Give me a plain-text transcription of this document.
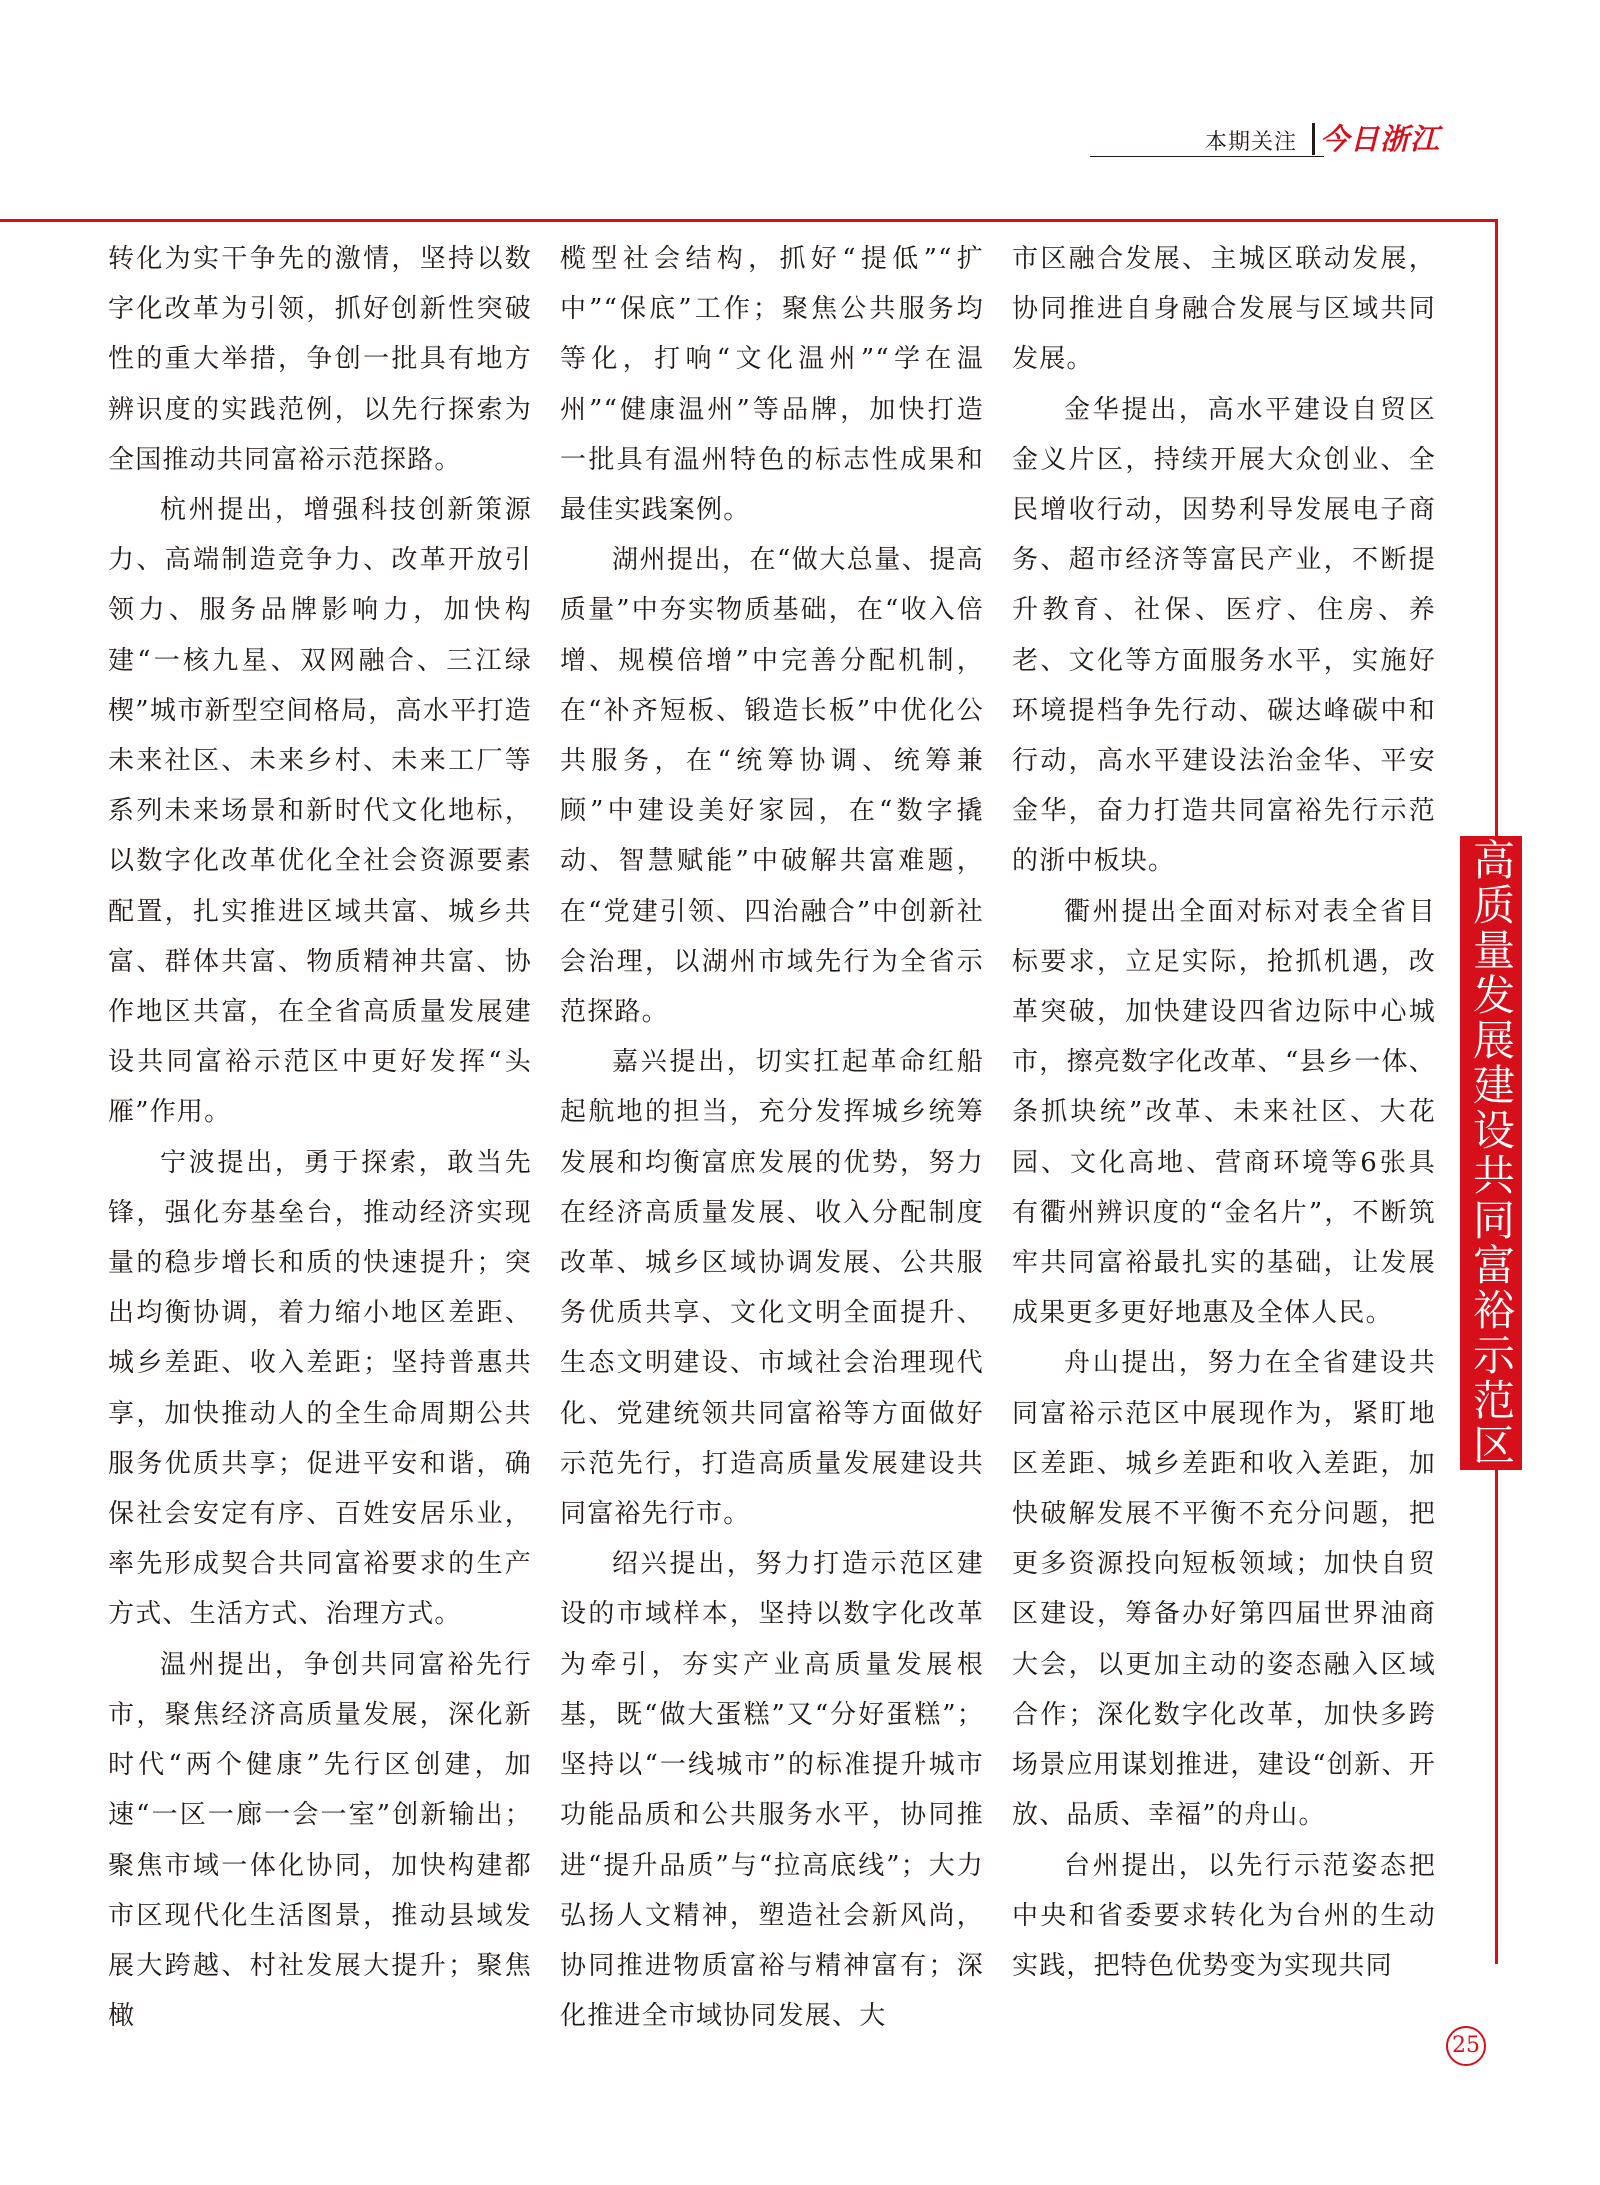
本期关注 今日浙江

转化为实干争先的激情，坚持以数字化改革为引领，抓好创新性突破性的重大举措，争创一批具有地方辨识度的实践范例，以先行探索为全国推动共同富裕示范探路。

杭州提出，增强科技创新策源力、高端制造竞争力、改革开放引领力、服务品牌影响力，加快构建“一核九星、双网融合、三江绿楔”城市新型空间格局，高水平打造未来社区、未来乡村、未来工厂等系列未来场景和新时代文化地标，以数字化改革优化全社会资源要素配置，扎实推进区域共富、城乡共富、群体共富、物质精神共富、协作地区共富，在全省高质量发展建设共同富裕示范区中更好发挥“头雁”作用。

宁波提出，勇于探索，敢当先锋，强化夯基垒台，推动经济实现量的稳步增长和质的快速提升；突出均衡协调，着力缩小地区差距、城乡差距、收入差距；坚持普惠共享，加快推动人的全生命周期公共服务优质共享；促进平安和谐，确保社会安定有序、百姓安居乐业，率先形成契合共同富裕要求的生产方式、生活方式、治理方式。

温州提出，争创共同富裕先行市，聚焦经济高质量发展，深化新时代“两个健康”先行区创建，加速“一区一廊一会一室”创新输出；聚焦市域一体化协同，加快构建都市区现代化生活图景，推动县域发展大跨越、村社发展大提升；聚焦橄

榄型社会结构，抓好“提低”“扩中”“保底”工作；聚焦公共服务均等化，打响“文化温州”“学在温州”“健康温州”等品牌，加快打造一批具有温州特色的标志性成果和最佳实践案例。

湖州提出，在“做大总量、提高质量”中夯实物质基础，在“收入倍增、规模倍增”中完善分配机制，在“补齐短板、锻造长板”中优化公共服务，在“统筹协调、统筹兼顾”中建设美好家园，在“数字撬动、智慧赋能”中破解共富难题，在“党建引领、四治融合”中创新社会治理，以湖州市域先行为全省示范探路。

嘉兴提出，切实扛起革命红船起航地的担当，充分发挥城乡统筹发展和均衡富庶发展的优势，努力在经济高质量发展、收入分配制度改革、城乡区域协调发展、公共服务优质共享、文化文明全面提升、生态文明建设、市域社会治理现代化、党建统领共同富裕等方面做好示范先行，打造高质量发展建设共同富裕先行市。

绍兴提出，努力打造示范区建设的市域样本，坚持以数字化改革为牵引，夯实产业高质量发展根基，既“做大蛋糕”又“分好蛋糕”；坚持以“一线城市”的标准提升城市功能品质和公共服务水平，协同推进“提升品质”与“拉高底线”；大力弘扬人文精神，塑造社会新风尚，协同推进物质富裕与精神富有；深化推进全市域协同发展、大

市区融合发展、主城区联动发展，协同推进自身融合发展与区域共同发展。

金华提出，高水平建设自贸区金义片区，持续开展大众创业、全民增收行动，因势利导发展电子商务、超市经济等富民产业，不断提升教育、社保、医疗、住房、养老、文化等方面服务水平，实施好环境提档争先行动、碳达峰碳中和行动，高水平建设法治金华、平安金华，奋力打造共同富裕先行示范的浙中板块。

衢州提出全面对标对表全省目标要求，立足实际，抢抓机遇，改革突破，加快建设四省边际中心城市，擦亮数字化改革、“县乡一体、条抓块统”改革、未来社区、大花园、文化高地、营商环境等6张具有衢州辨识度的“金名片”，不断筑牢共同富裕最扎实的基础，让发展成果更多更好地惠及全体人民。

舟山提出，努力在全省建设共同富裕示范区中展现作为，紧盯地区差距、城乡差距和收入差距，加快破解发展不平衡不充分问题，把更多资源投向短板领域；加快自贸区建设，筹备办好第四届世界油商大会，以更加主动的姿态融入区域合作；深化数字化改革，加快多跨场景应用谋划推进，建设“创新、开放、品质、幸福”的舟山。

台州提出，以先行示范姿态把中央和省委要求转化为台州的生动实践，把特色优势变为实现共同

高质量发展建设共同富裕示范区
25
